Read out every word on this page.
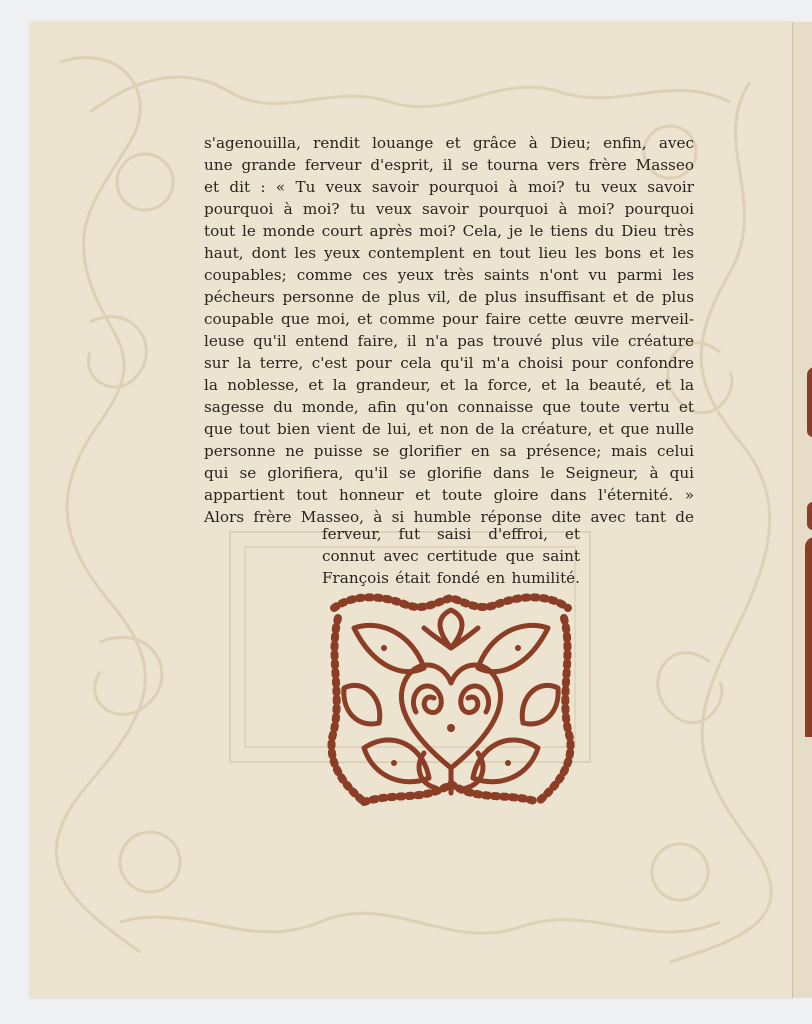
s'agenouilla, rendit louange et grâce à Dieu; enfin, avec
une grande ferveur d'esprit, il se tourna vers frère Masseo
et dit : « Tu veux savoir pourquoi à moi? tu veux savoir
pourquoi à moi? tu veux savoir pourquoi à moi? pourquoi
tout le monde court après moi? Cela, je le tiens du Dieu très
haut, dont les yeux contemplent en tout lieu les bons et les
coupables; comme ces yeux très saints n'ont vu parmi les
pécheurs personne de plus vil, de plus insuffisant et de plus
coupable que moi, et comme pour faire cette œuvre merveil-
leuse qu'il entend faire, il n'a pas trouvé plus vile créature
sur la terre, c'est pour cela qu'il m'a choisi pour confondre
la noblesse, et la grandeur, et la force, et la beauté, et la
sagesse du monde, afin qu'on connaisse que toute vertu et
que tout bien vient de lui, et non de la créature, et que nulle
personne ne puisse se glorifier en sa présence; mais celui
qui se glorifiera, qu'il se glorifie dans le Seigneur, à qui
appartient tout honneur et toute gloire dans l'éternité. »
Alors frère Masseo, à si humble réponse dite avec tant de
ferveur, fut saisi d'effroi, et
connut avec certitude que saint
François était fondé en humilité.
